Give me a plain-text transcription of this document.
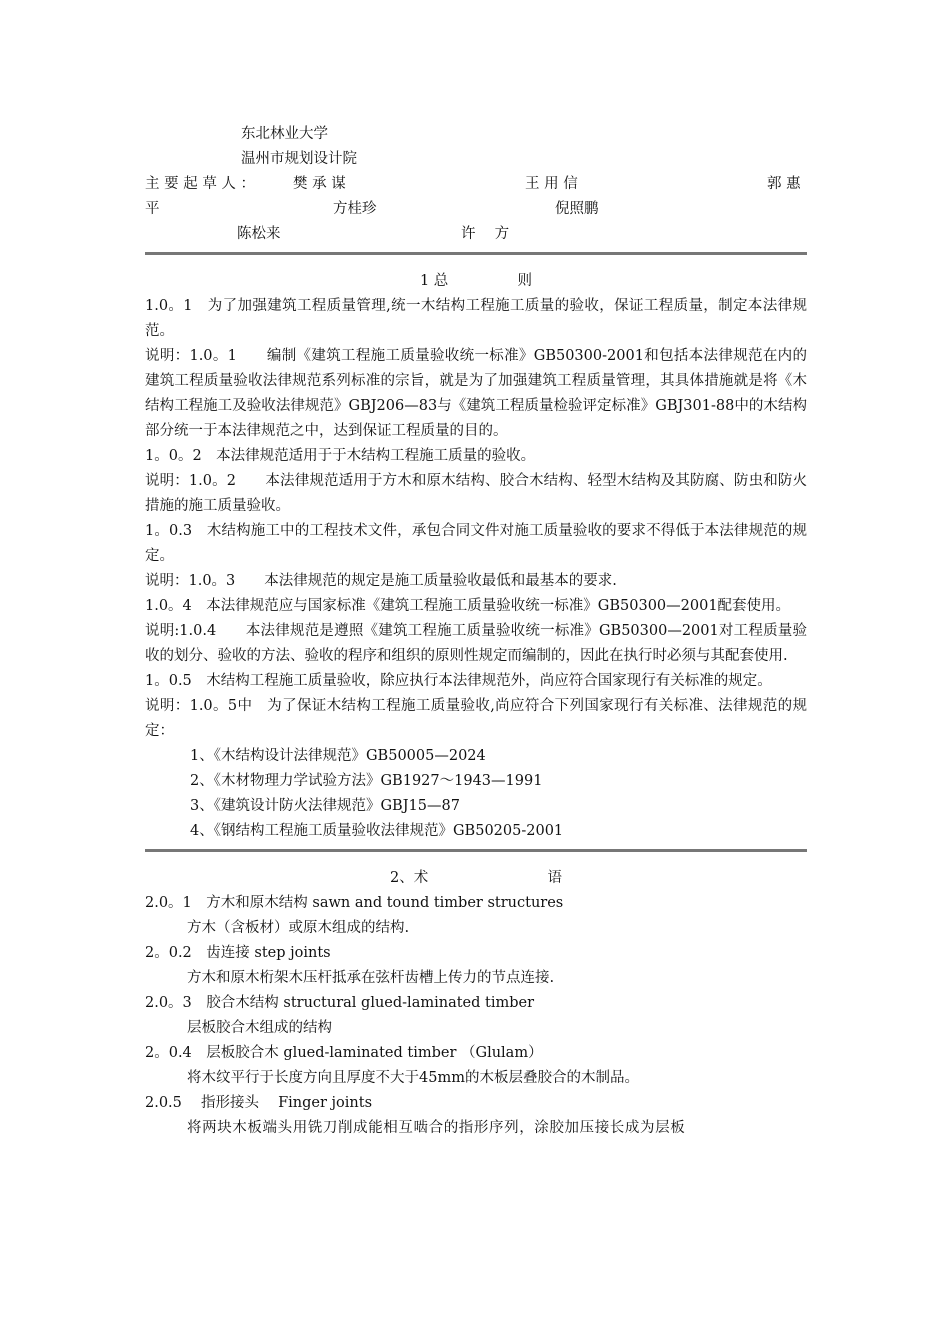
东北林业大学
温州市规划设计院
主 要 起 草 人 ：	樊 承 谋	王 用 信	郭 惠
平	方桂珍	倪照鹏
陈松来	许　 方
1 总	则
1.0。1　为了加强建筑工程质量管理,统一木结构工程施工质量的验收，保证工程质量，制定本法律规范。
说明：1.0。1　　编制《建筑工程施工质量验收统一标准》GB50300-2001和包括本法律规范在内的建筑工程质量验收法律规范系列标准的宗旨，就是为了加强建筑工程质量管理，其具体措施就是将《木结构工程施工及验收法律规范》GBJ206—83与《建筑工程质量检验评定标准》GBJ301-88中的木结构部分统一于本法律规范之中，达到保证工程质量的目的。
1。0。2　本法律规范适用于于木结构工程施工质量的验收。
说明：1.0。2　　本法律规范适用于方木和原木结构、胶合木结构、轻型木结构及其防腐、防虫和防火措施的施工质量验收。
1。0.3　木结构施工中的工程技术文件，承包合同文件对施工质量验收的要求不得低于本法律规范的规定。
说明：1.0。3　　本法律规范的规定是施工质量验收最低和最基本的要求.
1.0。4　本法律规范应与国家标准《建筑工程施工质量验收统一标准》GB50300—2001配套使用。
说明:1.0.4　　本法律规范是遵照《建筑工程施工质量验收统一标准》GB50300—2001对工程质量验收的划分、验收的方法、验收的程序和组织的原则性规定而编制的，因此在执行时必须与其配套使用.
1。0.5　木结构工程施工质量验收，除应执行本法律规范外，尚应符合国家现行有关标准的规定。
说明：1.0。5中　为了保证木结构工程施工质量验收,尚应符合下列国家现行有关标准、法律规范的规定：
1、《木结构设计法律规范》GB50005—2024
2、《木材物理力学试验方法》GB1927～1943—1991
3、《建筑设计防火法律规范》GBJ15—87
4、《钢结构工程施工质量验收法律规范》GB50205-2001
2、术	语
2.0。1　方木和原木结构 sawn and tound timber structures
方木（含板材）或原木组成的结构.
2。0.2　齿连接 step joints
方木和原木桁架木压杆抵承在弦杆齿槽上传力的节点连接.
2.0。3　胶合木结构 structural glued-laminated timber
层板胶合木组成的结构
2。0.4　层板胶合木 glued-laminated timber （Glulam）
将木纹平行于长度方向且厚度不大于45mm的木板层叠胶合的木制品。
2.0.5　 指形接头　 Finger joints
将两块木板端头用铣刀削成能相互啮合的指形序列，涂胶加压接长成为层板
